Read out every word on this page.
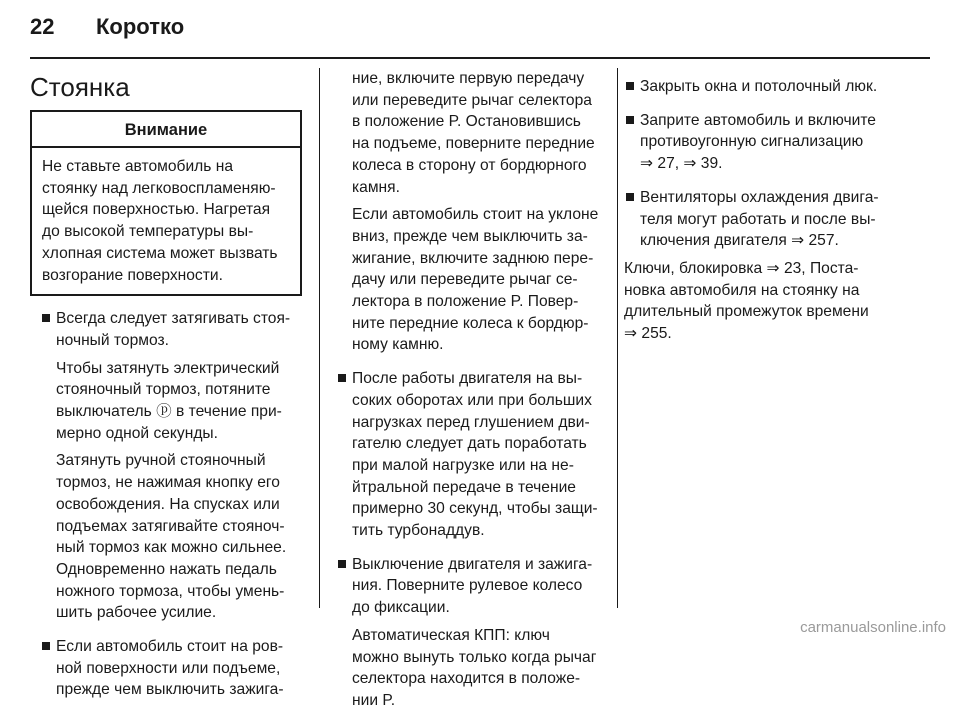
22	Коротко
Стоянка
Внимание
Не ставьте автомобиль на
стоянку над легковоспламеняю-
щейся поверхностью. Нагретая
до высокой температуры вы-
хлопная система может вызвать
возгорание поверхности.
Всегда следует затягивать стоя-
ночный тормоз.
Чтобы затянуть электрический
стояночный тормоз, потяните
выключатель ⓟ в течение при-
мерно одной секунды.
Затянуть ручной стояночный
тормоз, не нажимая кнопку его
освобождения. На спусках или
подъемах затягивайте стояноч-
ный тормоз как можно сильнее.
Одновременно нажать педаль
ножного тормоза, чтобы умень-
шить рабочее усилие.
Если автомобиль стоит на ров-
ной поверхности или подъеме,
прежде чем выключить зажига-
ние, включите первую передачу
или переведите рычаг селектора
в положение P. Остановившись
на подъеме, поверните передние
колеса в сторону от бордюрного
камня.
Если автомобиль стоит на уклоне
вниз, прежде чем выключить за-
жигание, включите заднюю пере-
дачу или переведите рычаг се-
лектора в положение P. Повер-
ните передние колеса к бордюр-
ному камню.
После работы двигателя на вы-
соких оборотах или при больших
нагрузках перед глушением дви-
гателю следует дать поработать
при малой нагрузке или на не-
йтральной передаче в течение
примерно 30 секунд, чтобы защи-
тить турбонаддув.
Выключение двигателя и зажига-
ния. Поверните рулевое колесо
до фиксации.
Автоматическая КПП: ключ
можно вынуть только когда рычаг
селектора находится в положе-
нии P.
Закрыть окна и потолочный люк.
Заприте автомобиль и включите
противоугонную сигнализацию
⇒ 27, ⇒ 39.
Вентиляторы охлаждения двига-
теля могут работать и после вы-
ключения двигателя ⇒ 257.
Ключи, блокировка ⇒ 23, Поста-
новка автомобиля на стоянку на
длительный промежуток времени
⇒ 255.
carmanualsonline.info
